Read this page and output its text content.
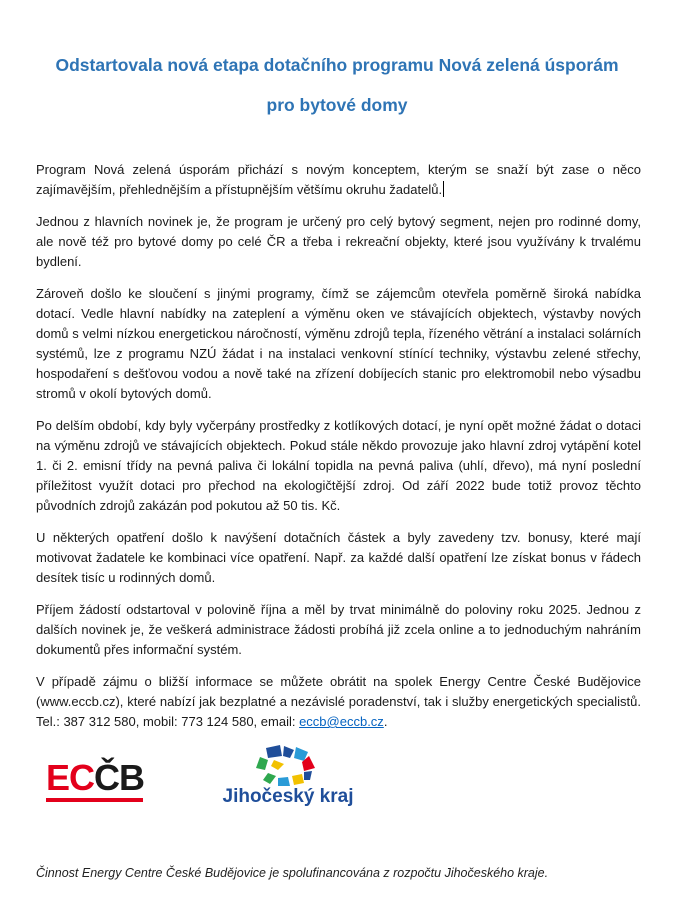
Odstartovala nová etapa dotačního programu Nová zelená úsporám
pro bytové domy

Program Nová zelená úsporám přichází s novým konceptem, kterým se snaží být zase o něco zajímavějším, přehlednějším a přístupnějším většímu okruhu žadatelů.

Jednou z hlavních novinek je, že program je určený pro celý bytový segment, nejen pro rodinné domy, ale nově též pro bytové domy po celé ČR a třeba i rekreační objekty, které jsou využívány k trvalému bydlení.

Zároveň došlo ke sloučení s jinými programy, čímž se zájemcům otevřela poměrně široká nabídka dotací. Vedle hlavní nabídky na zateplení a výměnu oken ve stávajících objektech, výstavby nových domů s velmi nízkou energetickou náročností, výměnu zdrojů tepla, řízeného větrání a instalaci solárních systémů, lze z programu NZÚ žádat i na instalaci venkovní stínící techniky, výstavbu zelené střechy, hospodaření s dešťovou vodou a nově také na zřízení dobíjecích stanic pro elektromobil nebo výsadbu stromů v okolí bytových domů.

Po delším období, kdy byly vyčerpány prostředky z kotlíkových dotací, je nyní opět možné žádat o dotaci na výměnu zdrojů ve stávajících objektech. Pokud stále někdo provozuje jako hlavní zdroj vytápění kotel 1. či 2. emisní třídy na pevná paliva či lokální topidla na pevná paliva (uhlí, dřevo), má nyní poslední příležitost využít dotaci pro přechod na ekologičtější zdroj. Od září 2022 bude totiž provoz těchto původních zdrojů zakázán pod pokutou až 50 tis. Kč.

U některých opatření došlo k navýšení dotačních částek a byly zavedeny tzv. bonusy, které mají motivovat žadatele ke kombinaci více opatření. Např. za každé další opatření lze získat bonus v řádech desítek tisíc u rodinných domů.

Příjem žádostí odstartoval v polovině října a měl by trvat minimálně do poloviny roku 2025. Jednou z dalších novinek je, že veškerá administrace žádosti probíhá již zcela online a to jednoduchým nahráním dokumentů přes informační systém.

V případě zájmu o bližší informace se můžete obrátit na spolek Energy Centre České Budějovice (www.eccb.cz), které nabízí jak bezplatné a nezávislé poradenství, tak i služby energetických specialistů. Tel.: 387 312 580, mobil: 773 124 580, email: eccb@eccb.cz.

ECČB	Jihočeský kraj
Činnost Energy Centre České Budějovice je spolufinancována z rozpočtu Jihočeského kraje.
